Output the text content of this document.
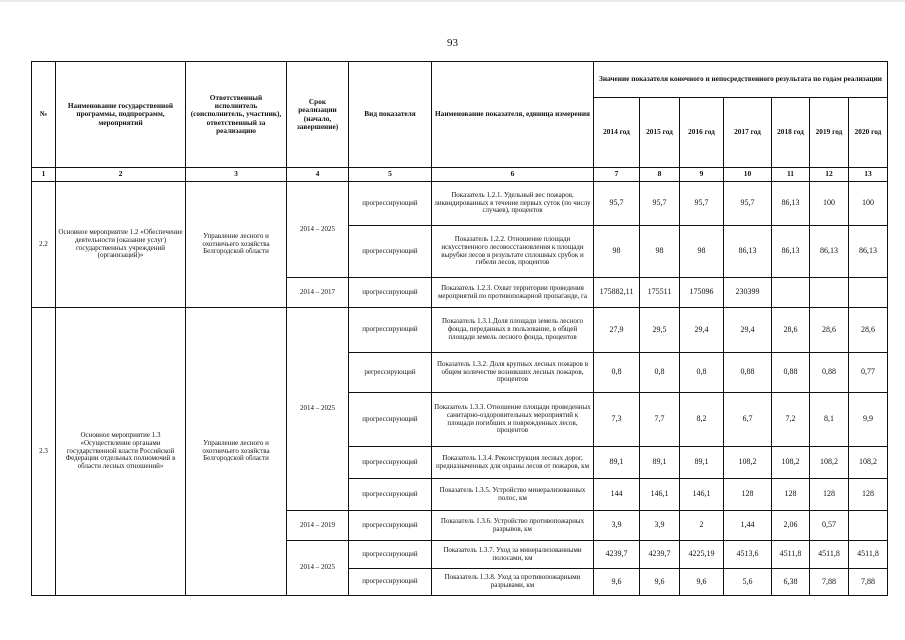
93
№	Наименование государственной программы, подпрограмм, мероприятий	Ответственный исполнитель (соисполнитель, участник), ответственный за реализацию	Срок реализации (начало, завершение)	Вид показателя	Наименование показателя, единица измерения	Значение показателя конечного и непосредственного результата по годам реализации						
						2014 год	2015 год	2016 год	2017 год	2018 год	2019 год	2020 год
1	2	3	4	5	6	7	8	9	10	11	12	13
2.2	Основное мероприятие 1.2 «Обеспечение деятельности (оказание услуг) государственных учреждений (организаций)»	Управление лесного и охотничьего хозяйства Белгородской области	2014 – 2025	прогрессирующий	Показатель 1.2.1. Удельный вес пожаров, ликвидированных в течение первых суток (по числу случаев), процентов	95,7	95,7	95,7	95,7	86,13	100	100
				прогрессирующий	Показатель 1.2.2. Отношение площади искусственного лесовосстановления к площади вырубки лесов в результате сплошных срубок и гибели лесов, процентов	98	98	98	86,13	86,13	86,13	86,13
			2014 – 2017	прогрессирующий	Показатель 1.2.3. Охват территории проведения мероприятий по противопожарной пропаганде, га	175882,11	175511	175096	230399			
2.3	Основное мероприятие 1.3 «Осуществление органами государственной власти Российской Федерации отдельных полномочий в области лесных отношений»	Управление лесного и охотничьего хозяйства Белгородской области	2014 – 2025	прогрессирующий	Показатель 1.3.1.Доля площади земель лесного фонда, переданных в пользование, в общей площади земель лесного фонда, процентов	27,9	29,5	29,4	29,4	28,6	28,6	28,6
				регрессирующий	Показатель 1.3.2. Доля крупных лесных пожаров в общем количестве возникших лесных пожаров, процентов	0,8	0,8	0,8	0,88	0,88	0,88	0,77
				прогрессирующий	Показатель 1.3.3. Отношение площади проведенных санитарно-оздоровительных мероприятий к площади погибших и поврежденных лесов, процентов	7,3	7,7	8,2	6,7	7,2	8,1	9,9
				прогрессирующий	Показатель 1.3.4. Реконструкция лесных дорог, предназначенных для охраны лесов от пожаров, км	89,1	89,1	89,1	108,2	108,2	108,2	108,2
				прогрессирующий	Показатель 1.3.5. Устройство минерализованных полос, км	144	146,1	146,1	128	128	128	128
			2014 – 2019	прогрессирующий	Показатель 1.3.6. Устройство противопожарных разрывов, км	3,9	3,9	2	1,44	2,06	0,57	
			2014 – 2025	прогрессирующий	Показатель 1.3.7. Уход за минерализованными полосами, км	4239,7	4239,7	4225,19	4513,6	4511,8	4511,8	4511,8
				прогрессирующий	Показатель 1.3.8. Уход за противопожарными разрывами, км	9,6	9,6	9,6	5,6	6,38	7,88	7,88
